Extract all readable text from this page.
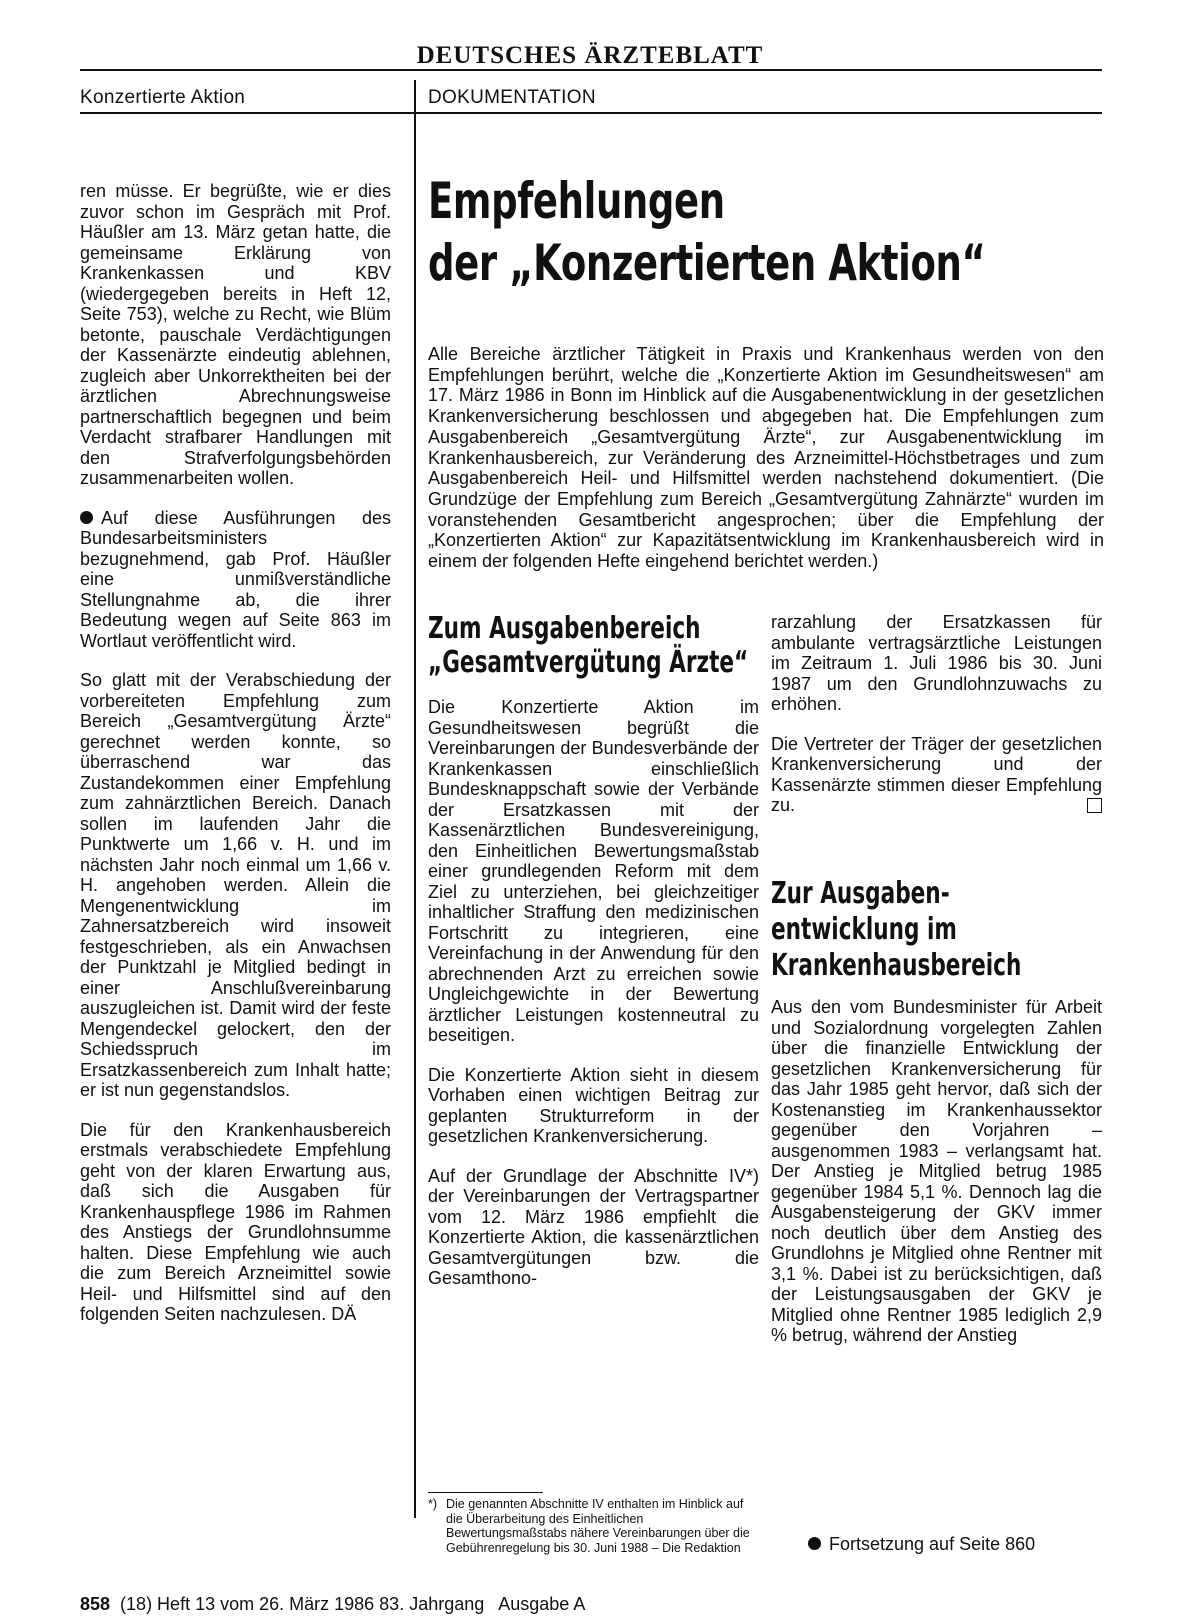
DEUTSCHES ÄRZTEBLATT
Konzertierte Aktion	DOKUMENTATION

ren müsse. Er begrüßte, wie er dies zuvor schon im Gespräch mit Prof. Häußler am 13. März getan hatte, die gemeinsame Erklärung von Krankenkassen und KBV (wiedergegeben bereits in Heft 12, Seite 753), welche zu Recht, wie Blüm betonte, pauschale Verdächtigungen der Kassenärzte eindeutig ablehnen, zugleich aber Unkorrektheiten bei der ärztlichen Abrechnungsweise partnerschaftlich begegnen und beim Verdacht strafbarer Handlungen mit den Strafverfolgungsbehörden zusammenarbeiten wollen.

Auf diese Ausführungen des Bundesarbeitsministers bezugnehmend, gab Prof. Häußler eine unmißverständliche Stellungnahme ab, die ihrer Bedeutung wegen auf Seite 863 im Wortlaut veröffentlicht wird.

So glatt mit der Verabschiedung der vorbereiteten Empfehlung zum Bereich „Gesamtvergütung Ärzte“ gerechnet werden konnte, so überraschend war das Zustandekommen einer Empfehlung zum zahnärztlichen Bereich. Danach sollen im laufenden Jahr die Punktwerte um 1,66 v. H. und im nächsten Jahr noch einmal um 1,66 v. H. angehoben werden. Allein die Mengenentwicklung im Zahnersatzbereich wird insoweit festgeschrieben, als ein Anwachsen der Punktzahl je Mitglied bedingt in einer Anschlußvereinbarung auszugleichen ist. Damit wird der feste Mengendeckel gelockert, den der Schiedsspruch im Ersatzkassenbereich zum Inhalt hatte; er ist nun gegenstandslos.

Die für den Krankenhausbereich erstmals verabschiedete Empfehlung geht von der klaren Erwartung aus, daß sich die Ausgaben für Krankenhauspflege 1986 im Rahmen des Anstiegs der Grundlohnsumme halten. Diese Empfehlung wie auch die zum Bereich Arzneimittel sowie Heil- und Hilfsmittel sind auf den folgenden Seiten nachzulesen. DÄ

Empfehlungen
der „Konzertierten Aktion“
Alle Bereiche ärztlicher Tätigkeit in Praxis und Krankenhaus werden von den Empfehlungen berührt, welche die „Konzertierte Aktion im Gesundheitswesen“ am 17. März 1986 in Bonn im Hinblick auf die Ausgabenentwicklung in der gesetzlichen Krankenversicherung beschlossen und abgegeben hat. Die Empfehlungen zum Ausgabenbereich „Gesamtvergütung Ärzte“, zur Ausgabenentwicklung im Krankenhausbereich, zur Veränderung des Arzneimittel-Höchstbetrages und zum Ausgabenbereich Heil- und Hilfsmittel werden nachstehend dokumentiert. (Die Grundzüge der Empfehlung zum Bereich „Gesamtvergütung Zahnärzte“ wurden im voranstehenden Gesamtbericht angesprochen; über die Empfehlung der „Konzertierten Aktion“ zur Kapazitätsentwicklung im Krankenhausbereich wird in einem der folgenden Hefte eingehend berichtet werden.)
Zum Ausgabenbereich
„Gesamtvergütung Ärzte“

Die Konzertierte Aktion im Gesundheitswesen begrüßt die Vereinbarungen der Bundesverbände der Krankenkassen einschließlich Bundesknappschaft sowie der Verbände der Ersatzkassen mit der Kassenärztlichen Bundesvereinigung, den Einheitlichen Bewertungsmaßstab einer grundlegenden Reform mit dem Ziel zu unterziehen, bei gleichzeitiger inhaltlicher Straffung den medizinischen Fortschritt zu integrieren, eine Vereinfachung in der Anwendung für den abrechnenden Arzt zu erreichen sowie Ungleichgewichte in der Bewertung ärztlicher Leistungen kostenneutral zu beseitigen.

Die Konzertierte Aktion sieht in diesem Vorhaben einen wichtigen Beitrag zur geplanten Strukturreform in der gesetzlichen Krankenversicherung.

Auf der Grundlage der Abschnitte IV*) der Vereinbarungen der Vertragspartner vom 12. März 1986 empfiehlt die Konzertierte Aktion, die kassenärztlichen Gesamtvergütungen bzw. die Gesamthono-

*) Die genannten Abschnitte IV enthalten im Hinblick auf die Überarbeitung des Einheitlichen Bewertungsmaßstabs nähere Vereinbarungen über die Gebührenregelung bis 30. Juni 1988 – Die Redaktion

rarzahlung der Ersatzkassen für ambulante vertragsärztliche Leistungen im Zeitraum 1. Juli 1986 bis 30. Juni 1987 um den Grundlohnzuwachs zu erhöhen.

Die Vertreter der Träger der gesetzlichen Krankenversicherung und der Kassenärzte stimmen dieser Empfehlung zu.

Zur Ausgaben-
entwicklung im
Krankenhausbereich

Aus den vom Bundesminister für Arbeit und Sozialordnung vorgelegten Zahlen über die finanzielle Entwicklung der gesetzlichen Krankenversicherung für das Jahr 1985 geht hervor, daß sich der Kostenanstieg im Krankenhaussektor gegenüber den Vorjahren – ausgenommen 1983 – verlangsamt hat. Der Anstieg je Mitglied betrug 1985 gegenüber 1984 5,1 %. Dennoch lag die Ausgabensteigerung der GKV immer noch deutlich über dem Anstieg des Grundlohns je Mitglied ohne Rentner mit 3,1 %. Dabei ist zu berücksichtigen, daß der Leistungsausgaben der GKV je Mitglied ohne Rentner 1985 lediglich 2,9 % betrug, während der Anstieg

Fortsetzung auf Seite 860
858 (18) Heft 13 vom 26. März 1986 83. Jahrgang   Ausgabe A
